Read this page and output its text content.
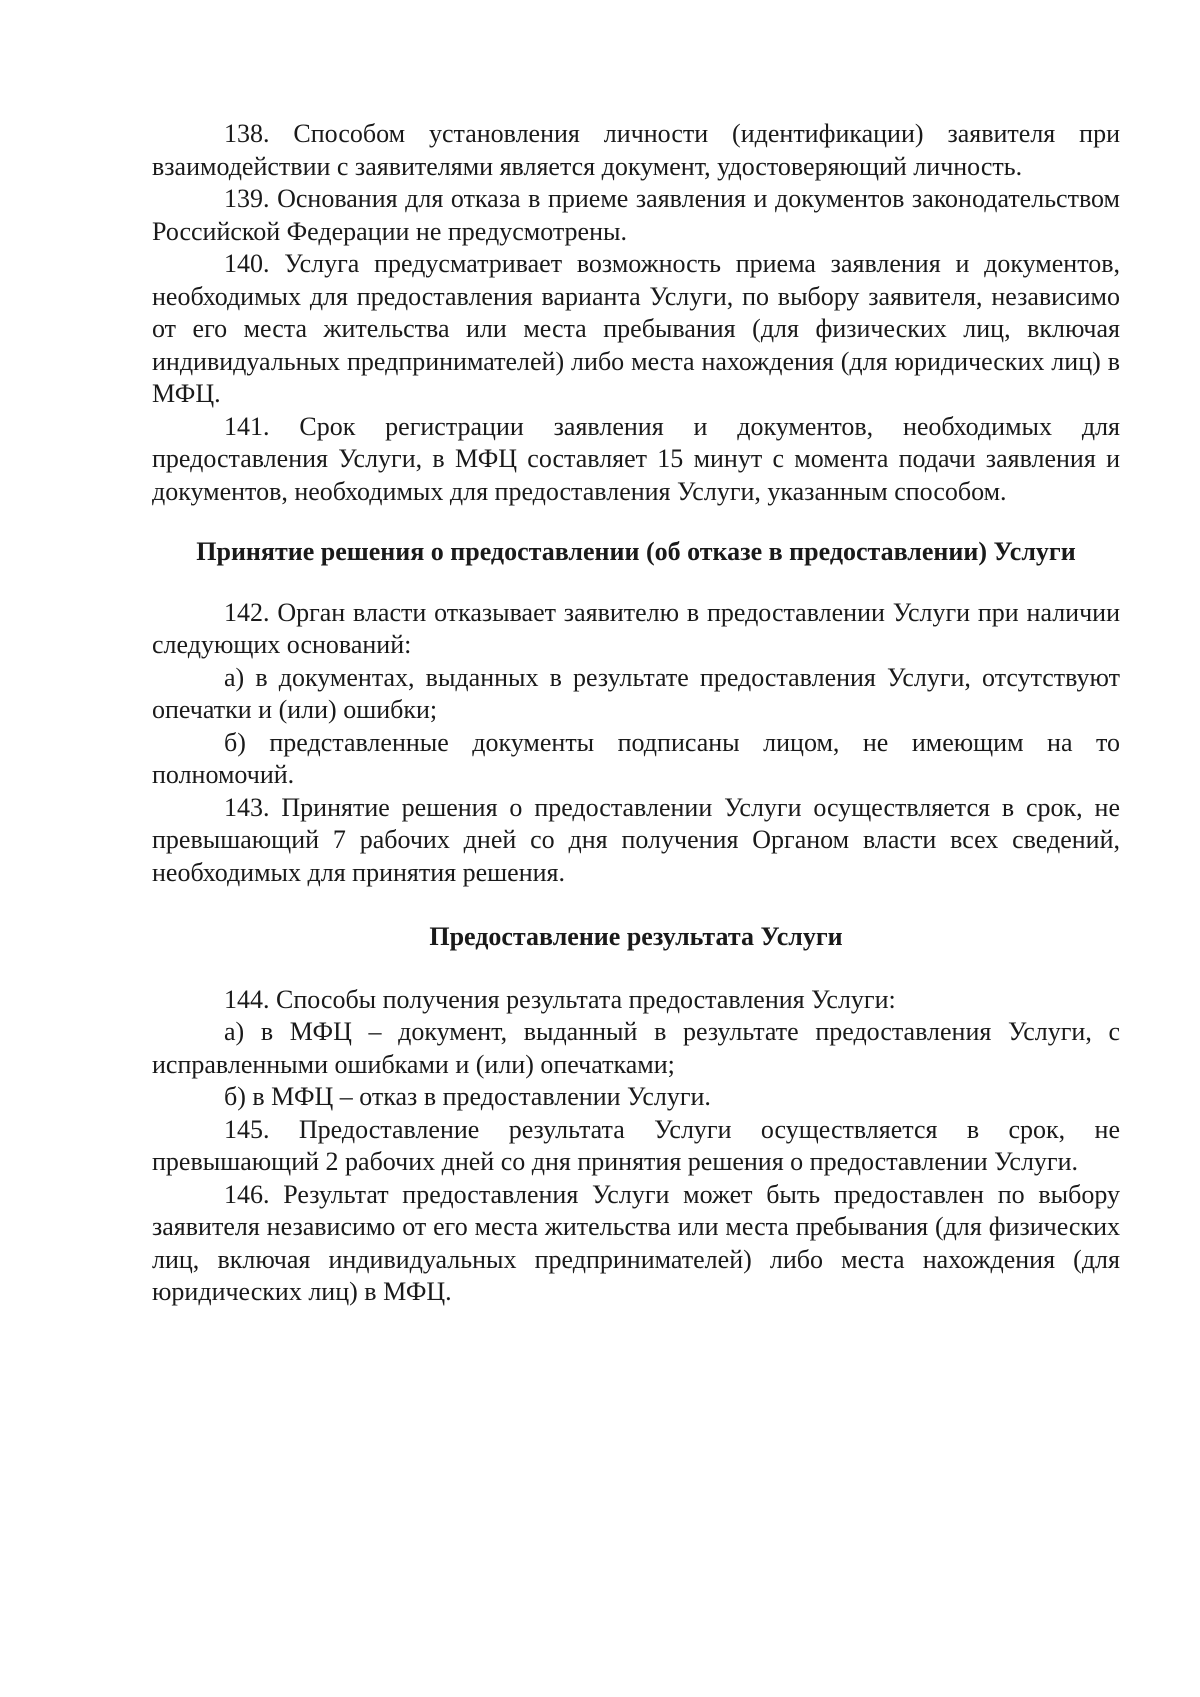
138. Способом установления личности (идентификации) заявителя при взаимодействии с заявителями является документ, удостоверяющий личность.

139. Основания для отказа в приеме заявления и документов законодательством Российской Федерации не предусмотрены.

140. Услуга предусматривает возможность приема заявления и документов, необходимых для предоставления варианта Услуги, по выбору заявителя, независимо от его места жительства или места пребывания (для физических лиц, включая индивидуальных предпринимателей) либо места нахождения (для юридических лиц) в МФЦ.

141. Срок регистрации заявления и документов, необходимых для предоставления Услуги, в МФЦ составляет 15 минут с момента подачи заявления и документов, необходимых для предоставления Услуги, указанным способом.

Принятие решения о предоставлении (об отказе в предоставлении) Услуги

142. Орган власти отказывает заявителю в предоставлении Услуги при наличии следующих оснований:

а) в документах, выданных в результате предоставления Услуги, отсутствуют опечатки и (или) ошибки;

б) представленные документы подписаны лицом, не имеющим на то полномочий.

143. Принятие решения о предоставлении Услуги осуществляется в срок, не превышающий 7 рабочих дней со дня получения Органом власти всех сведений, необходимых для принятия решения.

Предоставление результата Услуги

144. Способы получения результата предоставления Услуги:

а) в МФЦ – документ, выданный в результате предоставления Услуги, с исправленными ошибками и (или) опечатками;

б) в МФЦ – отказ в предоставлении Услуги.

145. Предоставление результата Услуги осуществляется в срок, не превышающий 2 рабочих дней со дня принятия решения о предоставлении Услуги.

146. Результат предоставления Услуги может быть предоставлен по выбору заявителя независимо от его места жительства или места пребывания (для физических лиц, включая индивидуальных предпринимателей) либо места нахождения (для юридических лиц) в МФЦ.
